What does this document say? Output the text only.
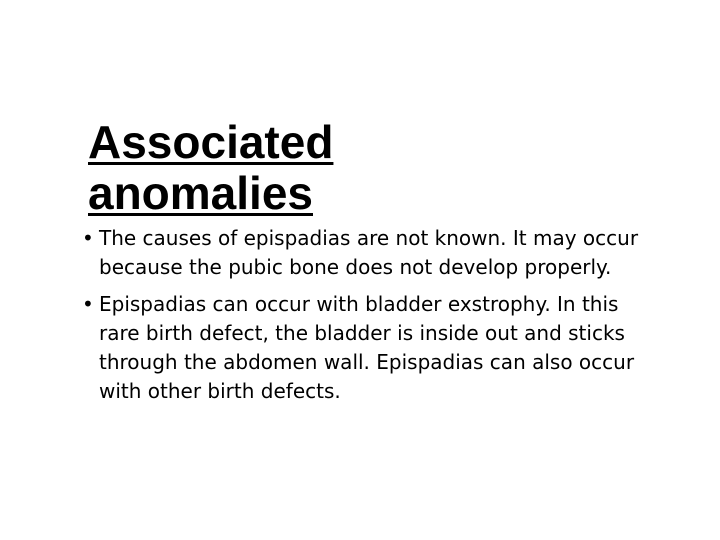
Associated anomalies
• The causes of epispadias are not known. It may occur because the pubic bone does not develop properly.
• Epispadias can occur with bladder exstrophy. In this rare birth defect, the bladder is inside out and sticks through the abdomen wall. Epispadias can also occur with other birth defects.
